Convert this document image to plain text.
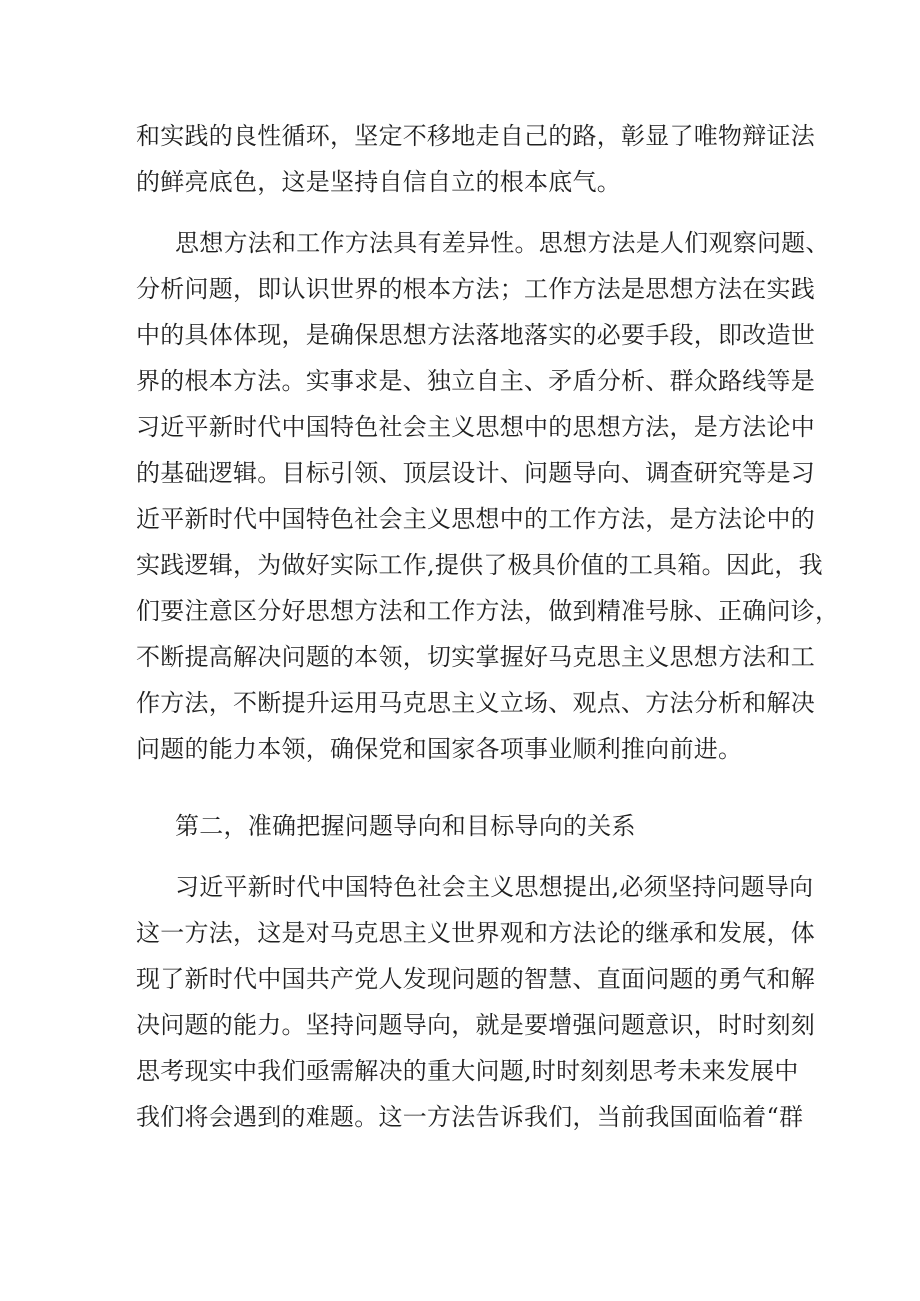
和实践的良性循环，坚定不移地走自己的路，彰显了唯物辩证法
的鲜亮底色，这是坚持自信自立的根本底气。
思想方法和工作方法具有差异性。思想方法是人们观察问题、
分析问题，即认识世界的根本方法；工作方法是思想方法在实践
中的具体体现，是确保思想方法落地落实的必要手段，即改造世
界的根本方法。实事求是、独立自主、矛盾分析、群众路线等是
习近平新时代中国特色社会主义思想中的思想方法，是方法论中
的基础逻辑。目标引领、顶层设计、问题导向、调查研究等是习
近平新时代中国特色社会主义思想中的工作方法，是方法论中的
实践逻辑，为做好实际工作,提供了极具价值的工具箱。因此，我
们要注意区分好思想方法和工作方法，做到精准号脉、正确问诊，
不断提高解决问题的本领，切实掌握好马克思主义思想方法和工
作方法，不断提升运用马克思主义立场、观点、方法分析和解决
问题的能力本领，确保党和国家各项事业顺利推向前进。
第二，准确把握问题导向和目标导向的关系
习近平新时代中国特色社会主义思想提出,必须坚持问题导向
这一方法，这是对马克思主义世界观和方法论的继承和发展，体
现了新时代中国共产党人发现问题的智慧、直面问题的勇气和解
决问题的能力。坚持问题导向，就是要增强问题意识，时时刻刻
思考现实中我们亟需解决的重大问题,时时刻刻思考未来发展中
我们将会遇到的难题。这一方法告诉我们，当前我国面临着“群
